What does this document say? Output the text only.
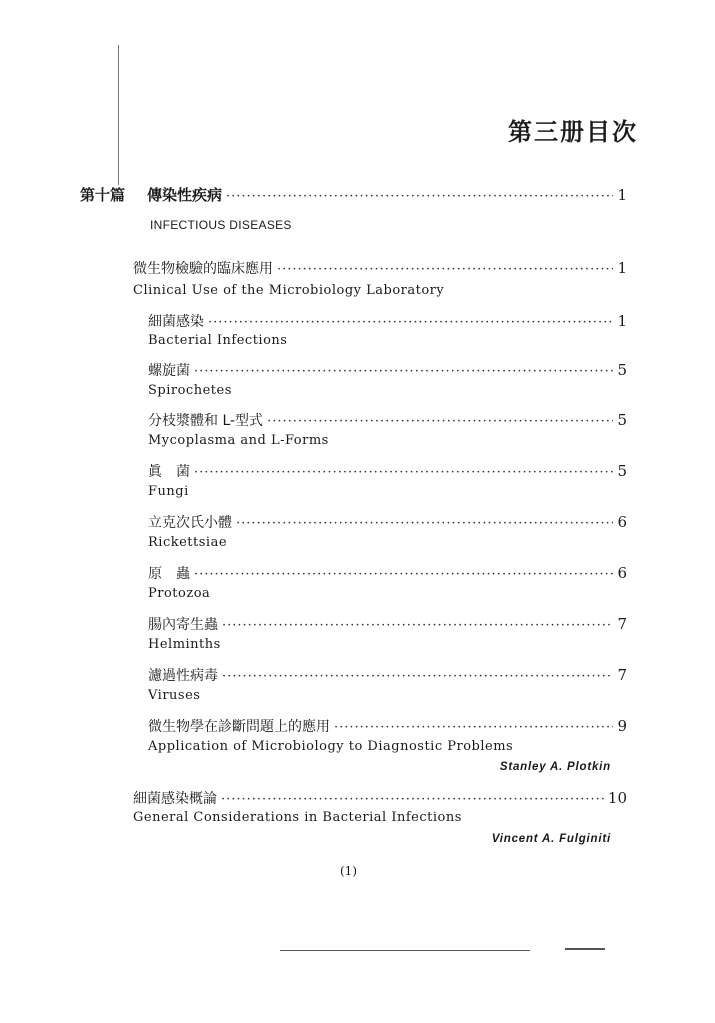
第三册目次
第十篇 傳染性疾病 ·····	1
INFECTIOUS DISEASES
微生物檢驗的臨床應用 ·····	1
Clinical Use of the Microbiology Laboratory
細菌感染 ·····	1
Bacterial Infections
螺旋菌 ·····	5
Spirochetes
分枝漿體和 L-型式 ·····	5
Mycoplasma and L-Forms
眞　菌 ·····	5
Fungi
立克次氏小體 ·····	6
Rickettsiae
原　蟲 ·····	6
Protozoa
腸內寄生蟲 ·····	7
Helminths
濾過性病毒 ·····	7
Viruses
微生物學在診斷問題上的應用 ·····	9
Application of Microbiology to Diagnostic Problems
Stanley A. Plotkin
細菌感染概論 ·····	10
General Considerations in Bacterial Infections
Vincent A. Fulginiti
(1)
